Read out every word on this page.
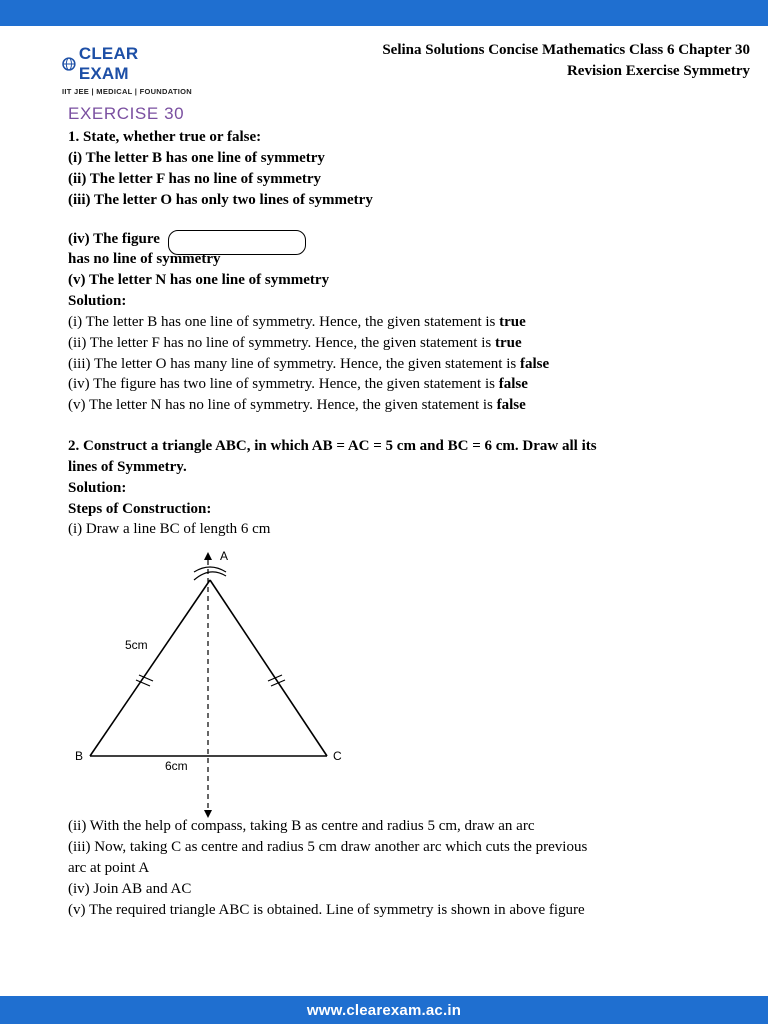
CLEAR EXAM
IIT JEE | MEDICAL | FOUNDATION
Selina Solutions Concise Mathematics Class 6 Chapter 30
Revision Exercise Symmetry
EXERCISE 30
1. State, whether true or false:
(i) The letter B has one line of symmetry
(ii) The letter F has no line of symmetry
(iii) The letter O has only two lines of symmetry
(iv) The figure
has no line of symmetry
(v) The letter N has one line of symmetry
Solution:
(i) The letter B has one line of symmetry. Hence, the given statement is true
(ii) The letter F has no line of symmetry. Hence, the given statement is true
(iii) The letter O has many line of symmetry. Hence, the given statement is false
(iv) The figure has two line of symmetry. Hence, the given statement is false
(v) The letter N has no line of symmetry. Hence, the given statement is false
2. Construct a triangle ABC, in which AB = AC = 5 cm and BC = 6 cm. Draw all its
lines of Symmetry.
Solution:
Steps of Construction:
(i) Draw a line BC of length 6 cm
A
B	C
5cm
6cm
(ii) With the help of compass, taking B as centre and radius 5 cm, draw an arc
(iii) Now, taking C as centre and radius 5 cm draw another arc which cuts the previous
arc at point A
(iv) Join AB and AC
(v) The required triangle ABC is obtained. Line of symmetry is shown in above figure
www.clearexam.ac.in
